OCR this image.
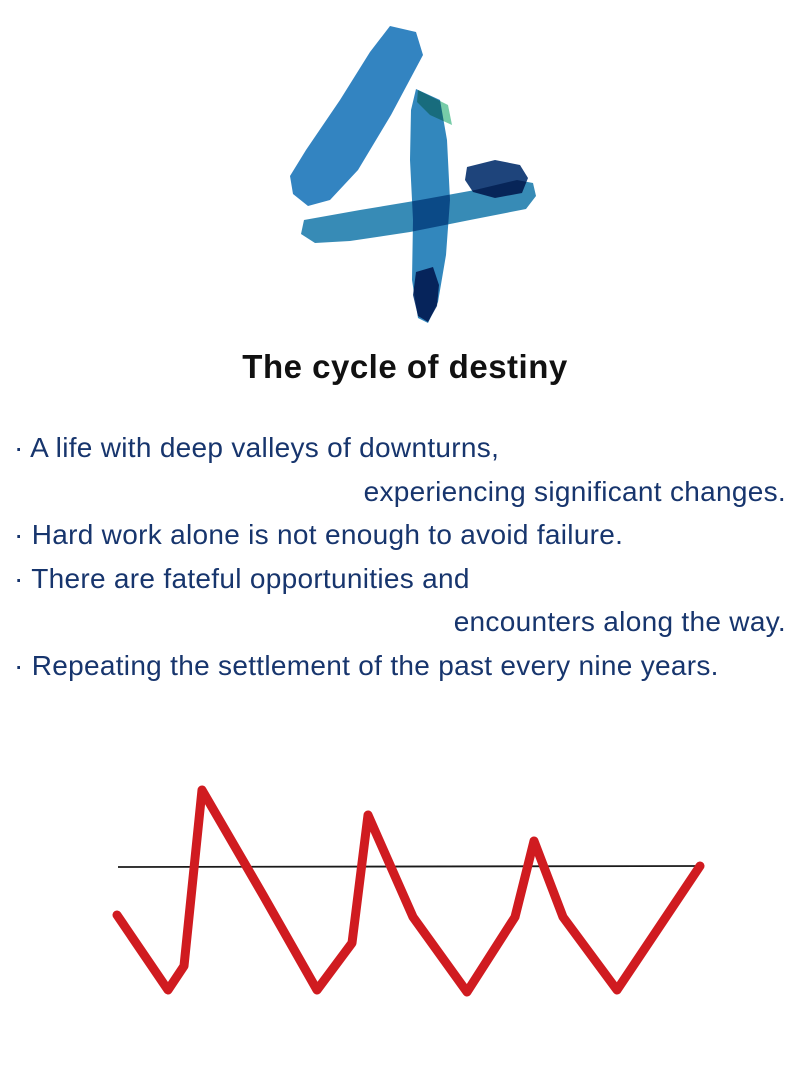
The cycle of destiny
· A life with deep valleys of downturns,
experiencing significant changes.
· Hard work alone is not enough to avoid failure.
· There are fateful opportunities and
encounters along the way.
· Repeating the settlement of the past every nine years.
